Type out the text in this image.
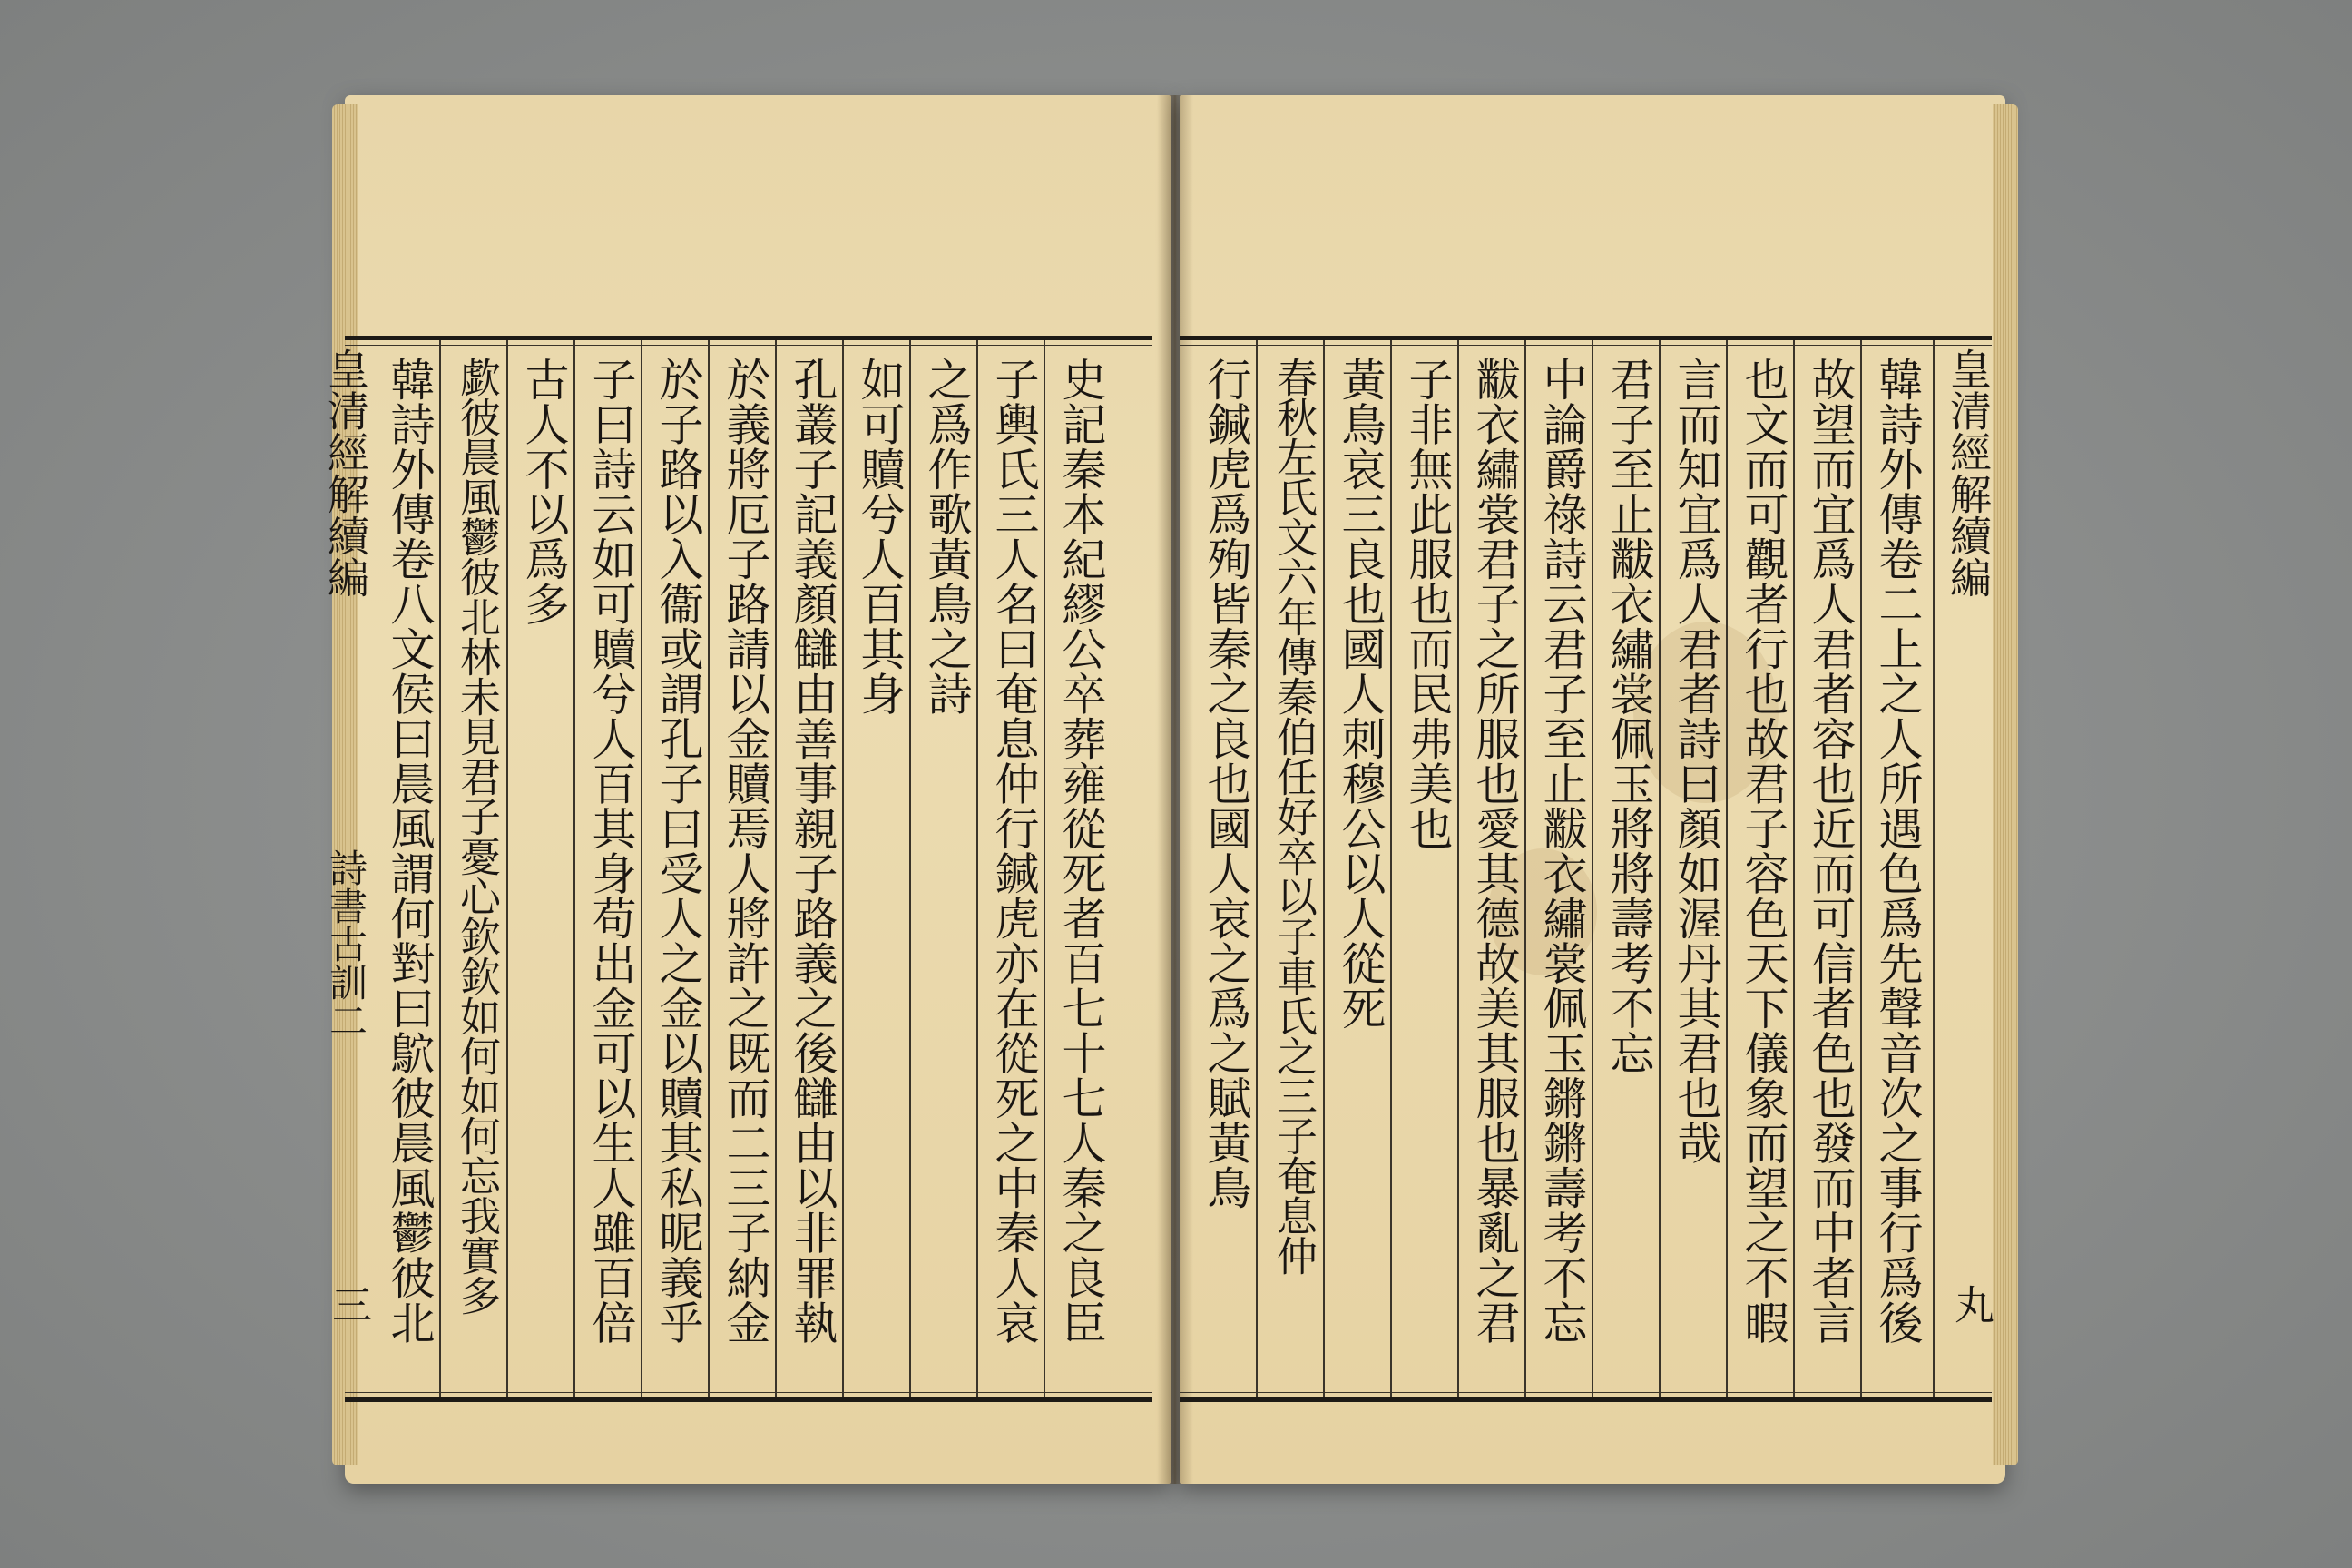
史記秦本紀繆公卒葬雍從死者百七十七人秦之良臣
子輿氏三人名曰奄息仲行鍼虎亦在從死之中秦人哀
之爲作歌黃鳥之詩
如可贖兮人百其身
孔叢子記義顏讎由善事親子路義之後讎由以非罪執
於義將厄子路請以金贖焉人將許之既而二三子納金
於子路以入衞或謂孔子曰受人之金以贖其私昵義乎
子曰詩云如可贖兮人百其身苟出金可以生人雖百倍
古人不以爲多
歔彼晨風鬱彼北林未見君子憂心欽欽如何如何忘我實多
韓詩外傳卷八文侯曰晨風謂何對曰鴥彼晨風鬱彼北
皇清經解續編
詩書古訓二
三
皇清經解續編
丸
韓詩外傳卷二上之人所遇色爲先聲音次之事行爲後
故望而宜爲人君者容也近而可信者色也發而中者言
也文而可觀者行也故君子容色天下儀象而望之不暇
言而知宜爲人君者詩曰顏如渥丹其君也哉
君子至止黻衣繡裳佩玉將將壽考不忘
中論爵祿詩云君子至止黻衣繡裳佩玉鏘鏘壽考不忘
黻衣繡裳君子之所服也愛其德故美其服也暴亂之君
子非無此服也而民弗美也
黃鳥哀三良也國人刺穆公以人從死
春秋左氏文六年傳秦伯任好卒以子車氏之三子奄息仲
行鍼虎爲殉皆秦之良也國人哀之爲之賦黃鳥
